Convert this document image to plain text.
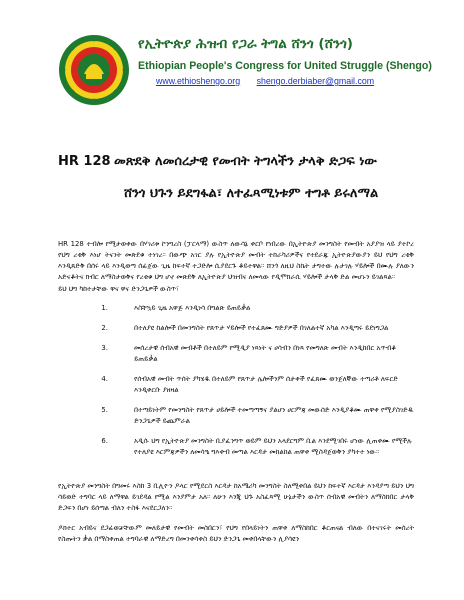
የኢትዮጵያ ሕዝብ የጋራ ትግል ሸንጎ (ሸንጎ)
Ethiopian People's Congress for United Struggle (Shengo)
www.ethioshengo.org shengo.derbiaber@gmail.com
HR 128 መጽደቅ ለመሰረታዊ የመብት ትግላችን ታላቅ ድጋፍ ነው
ሸንጎ ህጉን ይደግፋል፣ ለተፈጻሚነቱም ተግቶ ይሩለማል

HR 128 ተብሎ የሚታወቀው በሃገሪቱ ኮንግረስ (ፓርላማ) ውስጥ ለውሳኔ ቀርቦ የነበረው በኢትዮጵያ መንግስት የመብት አያያዝ ላይ ያተኮረ የህግ ረቂቅ እነሆ ትናንት መጽደቁ ተነገረ። በውጭ አገር ያሉ የኢትዮጵያ መብት ተከራካሪዎችና የተደራጁ ኢትዮጵያውያን ይህ የህግ ረቂቅ እንዲጸድቅ በሰሩ ላይ እንዲወጣ ሰፊጀው ጊዜ ከፍተኛ ተጋድሎ ሲያደርጉ ቆይተዋል። ሸንጎ ለዚህ ስኬት ታግተው ሉታገሉ ሃይሎች በሙሉ ያለውን አድናቆትና ክብር ለማስታወቅና የረቂቁ ህግ ሆኖ መጽደቅ ለኢትዮጵያ ህዝብና ለመላው የዲሞክራሲ ሃይሎች ታላቅ ድል መሆኑን ይገልጻል።

ይህ ህግ ካከተታቸው ዋና ዋና ድንጋጌዎች ውስጥ፣

1.	እስቸኳይ ጊዜ አዋጅ እንዲነሳ በግልጽ ይጠይቃል
2.	በተለያዩ ከልሎች በመንግስት የጸጥታ ሃይሎች የተፈጸሙ ግድያዎች በገለልተኛ አካል እንዲጣሩ ይደነግጋል
3.	መሰረታዊ ሰብአዊ መብቶች በተለይም የሚዲያ ነጻነት ና ሀሳብን በነጻ የመግለጽ መብት እንዲከበር አጥብቆ ይጠይቃል
4.	የሰብአዊ መብት ጥሰት ያካሄዱ በተለይም የጸጥታ ሌሎችንም ሰታቀች የፈጸሙ ወንጀለኞው ተጣሪቶ ለፍርድ እንዲቀርቡ ያዘዛል
5.	በተጣይነትም የመንግስት የጸጥታ ሀይሎች ተመጣጣኝና ያልሆነ ሀርምጃ መውሰድ እንዲያቆሙ ጠዋቀ የሚያስገድዱ ድንጋጌዎች ይጨምራል
6.	አዲሱ ህግ የኢትዮጵያ መንግስት ቢያፈንግጥ ወይም ይህን አላደርግም ቢል እንደሚገበሩ ሆነው ሊጠቀሙ የሚችሉ የተለያዩ እርምጃዎችን ለመሳዔ ግእቀብ መጣል እርዳታ መከልከል ጠዋቀ ሚስዳጀወቅን ያካተተ ነው።

የኢትዮጵያ መንግስት በግመሩ እስከ 3 ቢሊዮን ዶላር የሚደርስ እርዳታ ከአሜሪካ መንግስት ስለሚቀበል ይህን ከፍተኛ እርዳታ እንዳያጣ ይህን ህግ ሳይወድ ተግባር ላይ ለማዋል ይገደዳል የሚል እንያምታ አለ። ለሁን እንጂ ህጉ አስፈጻሚ ሁኔታችን ውስጥ ሰብአዊ መብትን ለማስከበር ታላቅ ድጋፍን በሆነ ይሰጣል ብለን ተስፋ እናደርጋለን።

ዶክተር አብይና ደጋፊወቻቸውም መለይታዊ የመብት መስበርን፣ የህግ የበላይነትን ጠዋቀ ለማስከበር ቆርጠናል ብለው በተናገሩት መሰረት የስጡትን ቃል በማስቀጠል ተግባራዊ ለማድረግ በመንቀሳቀስ ይህን ድንጋጌ መቀበላቸውን ሊያሳዩን
